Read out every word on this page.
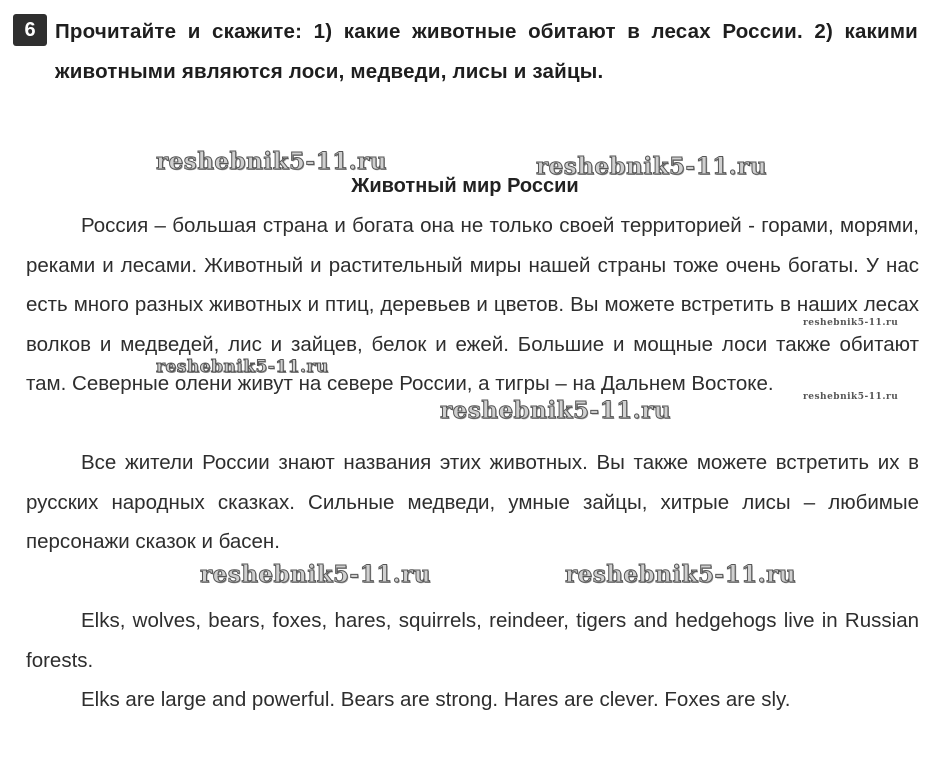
6 Прочитайте и скажите: 1) какие животные обитают в лесах России. 2) какими животными являются лоси, медведи, лисы и зайцы.
Животный мир России

Россия – большая страна и богата она не только своей территорией - горами, морями, реками и лесами. Животный и растительный миры нашей страны тоже очень богаты. У нас есть много разных животных и птиц, деревьев и цветов. Вы можете встретить в наших лесах волков и медведей, лис и зайцев, белок и ежей. Большие и мощные лоси также обитают там. Северные олени живут на севере России, а тигры – на Дальнем Востоке.

Все жители России знают названия этих животных. Вы также можете встретить их в русских народных сказках. Сильные медведи, умные зайцы, хитрые лисы – любимые персонажи сказок и басен.

Elks, wolves, bears, foxes, hares, squirrels, reindeer, tigers and hedgehogs live in Russian forests.

Elks are large and powerful. Bears are strong. Hares are clever. Foxes are sly.

reshebnik5-11.ru	reshebnik5-11.ru
reshebnik5-11.ru
reshebnik5-11.ru
reshebnik5-11.ru
reshebnik5-11.ru
reshebnik5-11.ru	reshebnik5-11.ru
